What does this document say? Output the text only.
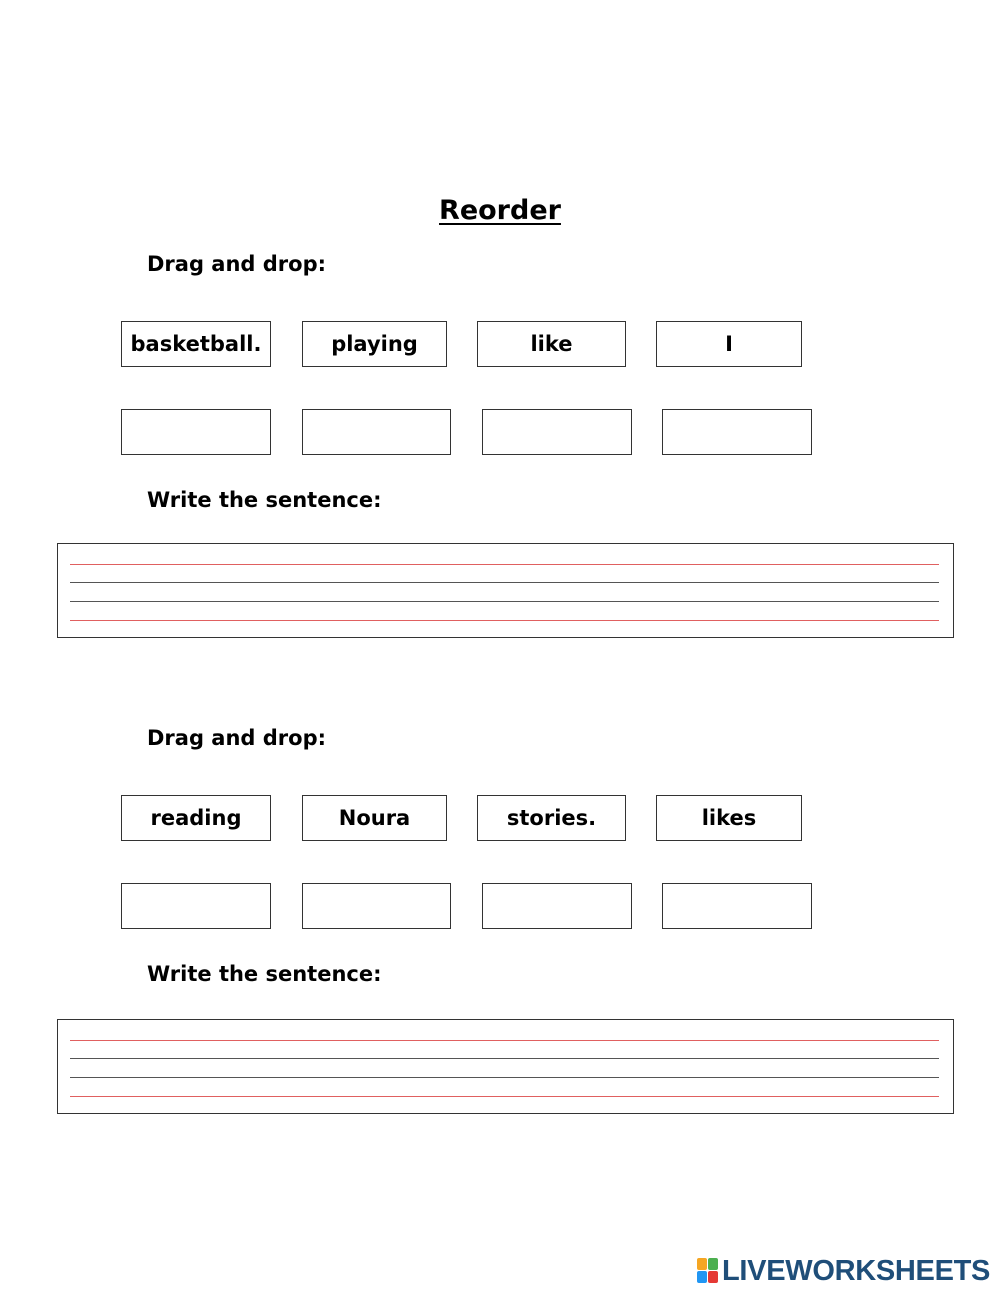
Reorder
Drag and drop:
basketball.	playing	like	I
Write the sentence:
Drag and drop:
reading	Noura	stories.	likes
Write the sentence:
LIVEWORKSHEETS
